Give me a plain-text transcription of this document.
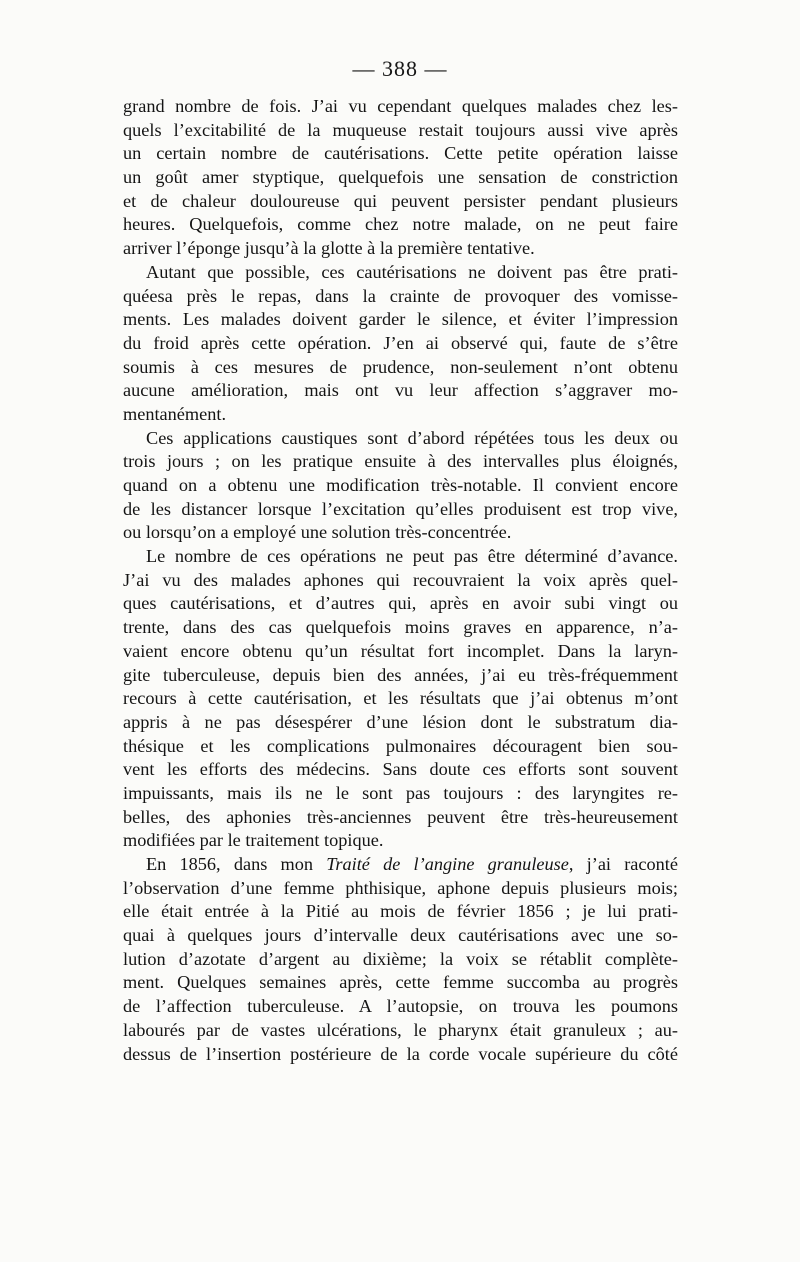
— 388 —
grand nombre de fois. J’ai vu cependant quelques malades chez les-
quels l’excitabilité de la muqueuse restait toujours aussi vive après
un certain nombre de cautérisations. Cette petite opération laisse
un goût amer styptique, quelquefois une sensation de constriction
et de chaleur douloureuse qui peuvent persister pendant plusieurs
heures. Quelquefois, comme chez notre malade, on ne peut faire
arriver l’éponge jusqu’à la glotte à la première tentative.
Autant que possible, ces cautérisations ne doivent pas être prati-
quéesa près le repas, dans la crainte de provoquer des vomisse-
ments. Les malades doivent garder le silence, et éviter l’impression
du froid après cette opération. J’en ai observé qui, faute de s’être
soumis à ces mesures de prudence, non-seulement n’ont obtenu
aucune amélioration, mais ont vu leur affection s’aggraver mo-
mentanément.
Ces applications caustiques sont d’abord répétées tous les deux ou
trois jours ; on les pratique ensuite à des intervalles plus éloignés,
quand on a obtenu une modification très-notable. Il convient encore
de les distancer lorsque l’excitation qu’elles produisent est trop vive,
ou lorsqu’on a employé une solution très-concentrée.
Le nombre de ces opérations ne peut pas être déterminé d’avance.
J’ai vu des malades aphones qui recouvraient la voix après quel-
ques cautérisations, et d’autres qui, après en avoir subi vingt ou
trente, dans des cas quelquefois moins graves en apparence, n’a-
vaient encore obtenu qu’un résultat fort incomplet. Dans la laryn-
gite tuberculeuse, depuis bien des années, j’ai eu très-fréquemment
recours à cette cautérisation, et les résultats que j’ai obtenus m’ont
appris à ne pas désespérer d’une lésion dont le substratum dia-
thésique et les complications pulmonaires découragent bien sou-
vent les efforts des médecins. Sans doute ces efforts sont souvent
impuissants, mais ils ne le sont pas toujours : des laryngites re-
belles, des aphonies très-anciennes peuvent être très-heureusement
modifiées par le traitement topique.
En 1856, dans mon Traité de l’angine granuleuse, j’ai raconté
l’observation d’une femme phthisique, aphone depuis plusieurs mois;
elle était entrée à la Pitié au mois de février 1856 ; je lui prati-
quai à quelques jours d’intervalle deux cautérisations avec une so-
lution d’azotate d’argent au dixième; la voix se rétablit complète-
ment. Quelques semaines après, cette femme succomba au progrès
de l’affection tuberculeuse. A l’autopsie, on trouva les poumons
labourés par de vastes ulcérations, le pharynx était granuleux ; au-
dessus de l’insertion postérieure de la corde vocale supérieure du côté
